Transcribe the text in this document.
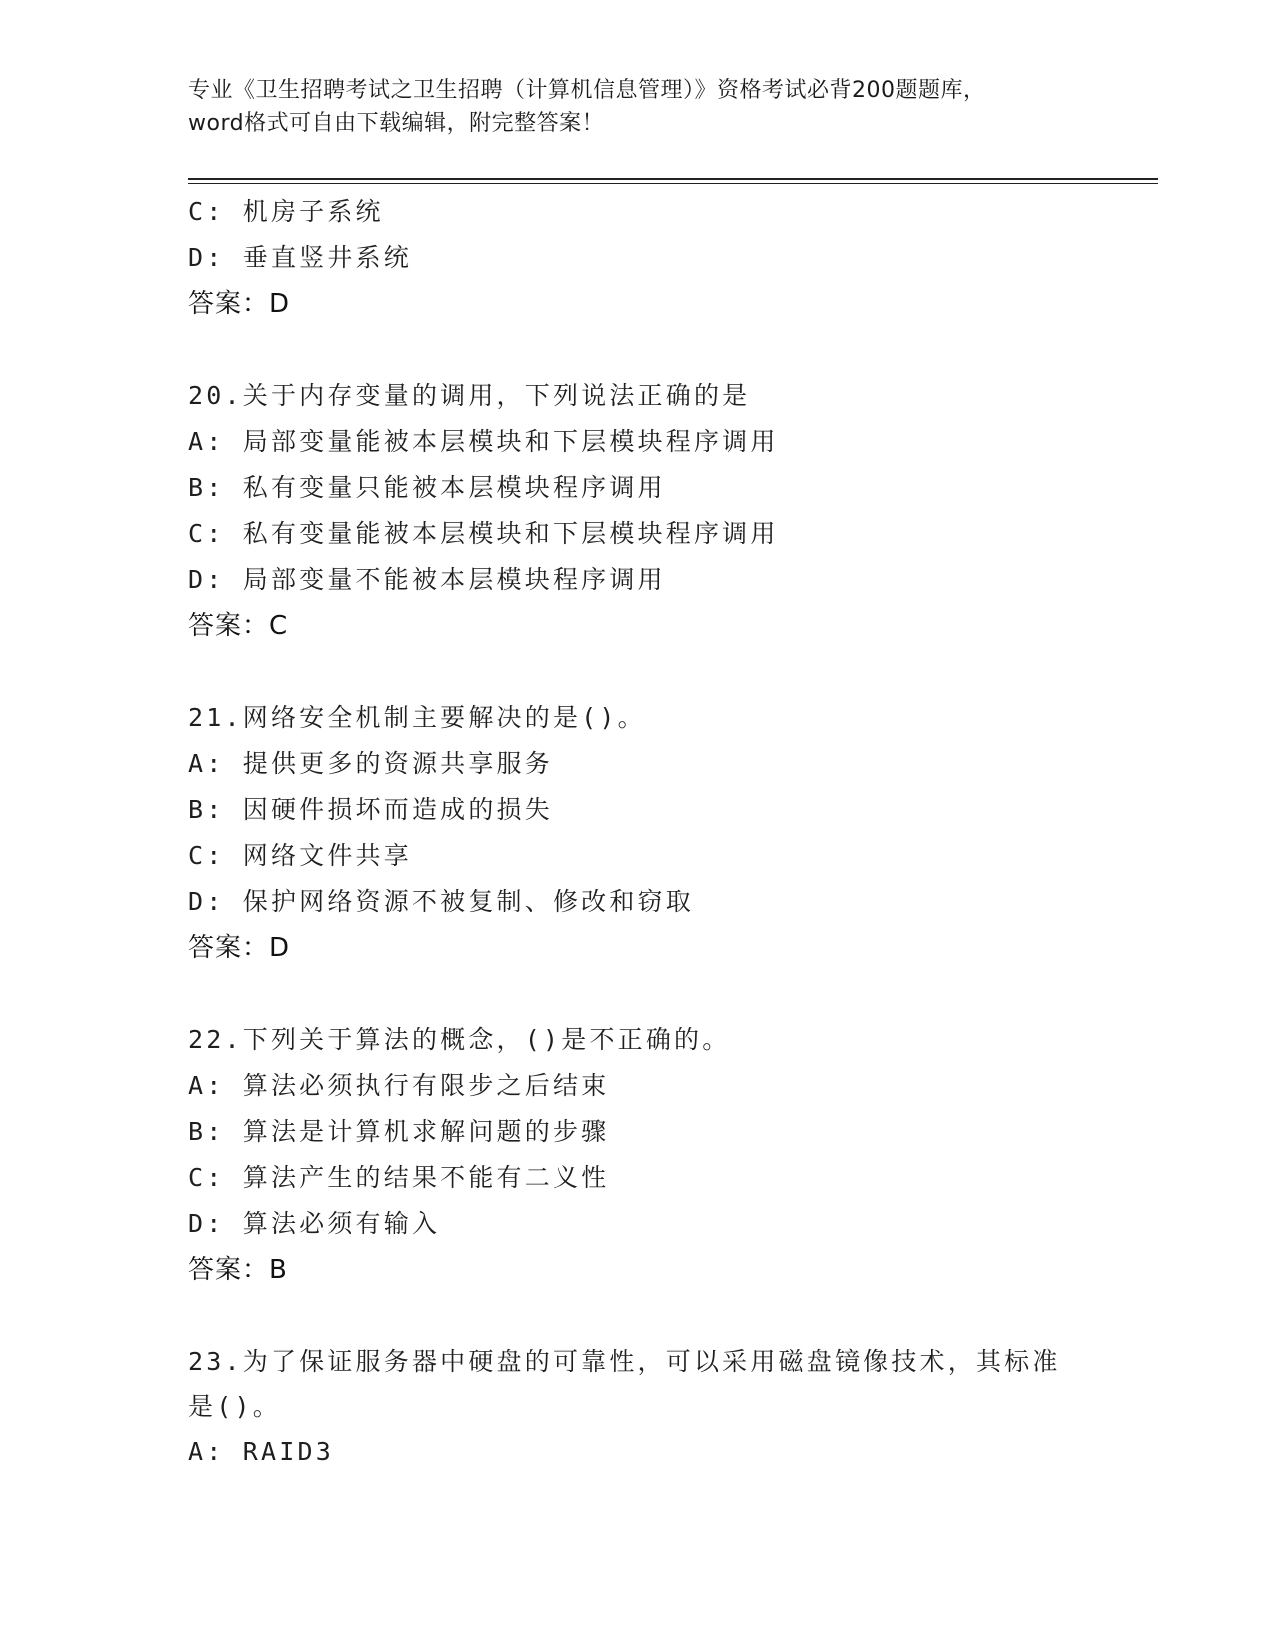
专业《卫生招聘考试之卫生招聘（计算机信息管理）》资格考试必背200题题库，
word格式可自由下载编辑，附完整答案！
C: 机房子系统
D: 垂直竖井系统
答案：D
20.关于内存变量的调用，下列说法正确的是
A: 局部变量能被本层模块和下层模块程序调用
B: 私有变量只能被本层模块程序调用
C: 私有变量能被本层模块和下层模块程序调用
D: 局部变量不能被本层模块程序调用
答案：C
21.网络安全机制主要解决的是()。
A: 提供更多的资源共享服务
B: 因硬件损坏而造成的损失
C: 网络文件共享
D: 保护网络资源不被复制、修改和窃取
答案：D
22.下列关于算法的概念，()是不正确的。
A: 算法必须执行有限步之后结束
B: 算法是计算机求解问题的步骤
C: 算法产生的结果不能有二义性
D: 算法必须有输入
答案：B
23.为了保证服务器中硬盘的可靠性，可以采用磁盘镜像技术，其标准是()。
A: RAID3
